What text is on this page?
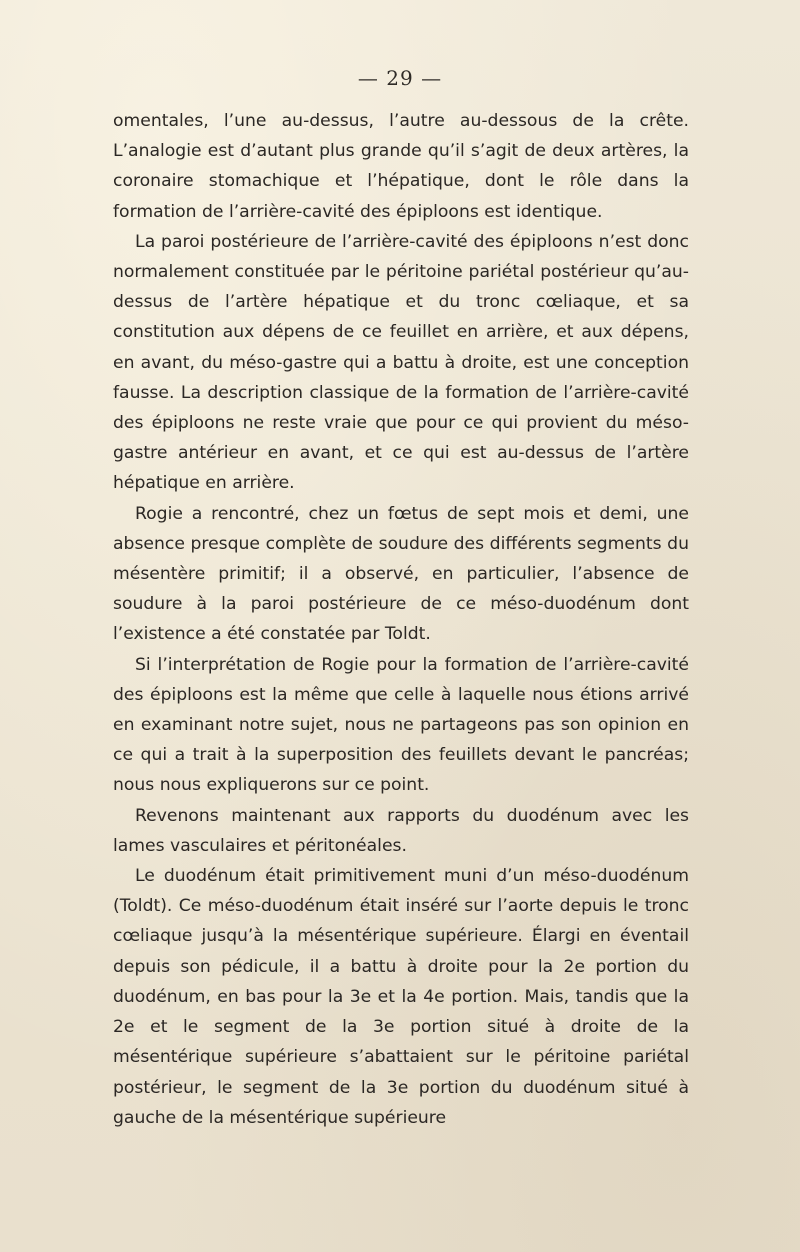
— 29 —

omentales, l’une au-dessus, l’autre au-dessous de la crête. L’analogie est d’autant plus grande qu’il s’agit de deux artères, la coronaire stomachique et l’hépatique, dont le rôle dans la formation de l’arrière-cavité des épiploons est identique.

La paroi postérieure de l’arrière-cavité des épiploons n’est donc normalement constituée par le péritoine pariétal postérieur qu’au-dessus de l’artère hépatique et du tronc cœliaque, et sa constitution aux dépens de ce feuillet en arrière, et aux dépens, en avant, du méso-gastre qui a battu à droite, est une conception fausse. La description classique de la formation de l’arrière-cavité des épiploons ne reste vraie que pour ce qui provient du méso-gastre antérieur en avant, et ce qui est au-dessus de l’artère hépatique en arrière.

Rogie a rencontré, chez un fœtus de sept mois et demi, une absence presque complète de soudure des différents segments du mésentère primitif; il a observé, en particulier, l’absence de soudure à la paroi postérieure de ce méso-duodénum dont l’existence a été constatée par Toldt.

Si l’interprétation de Rogie pour la formation de l’arrière-cavité des épiploons est la même que celle à laquelle nous étions arrivé en examinant notre sujet, nous ne partageons pas son opinion en ce qui a trait à la superposition des feuillets devant le pancréas; nous nous expliquerons sur ce point.

Revenons maintenant aux rapports du duodénum avec les lames vasculaires et péritonéales.

Le duodénum était primitivement muni d’un méso-duodénum (Toldt). Ce méso-duodénum était inséré sur l’aorte depuis le tronc cœliaque jusqu’à la mésentérique supérieure. Élargi en éventail depuis son pédicule, il a battu à droite pour la 2e portion du duodénum, en bas pour la 3e et la 4e portion. Mais, tandis que la 2e et le segment de la 3e portion situé à droite de la mésentérique supérieure s’abattaient sur le péritoine pariétal postérieur, le segment de la 3e portion du duodénum situé à gauche de la mésentérique supérieure
